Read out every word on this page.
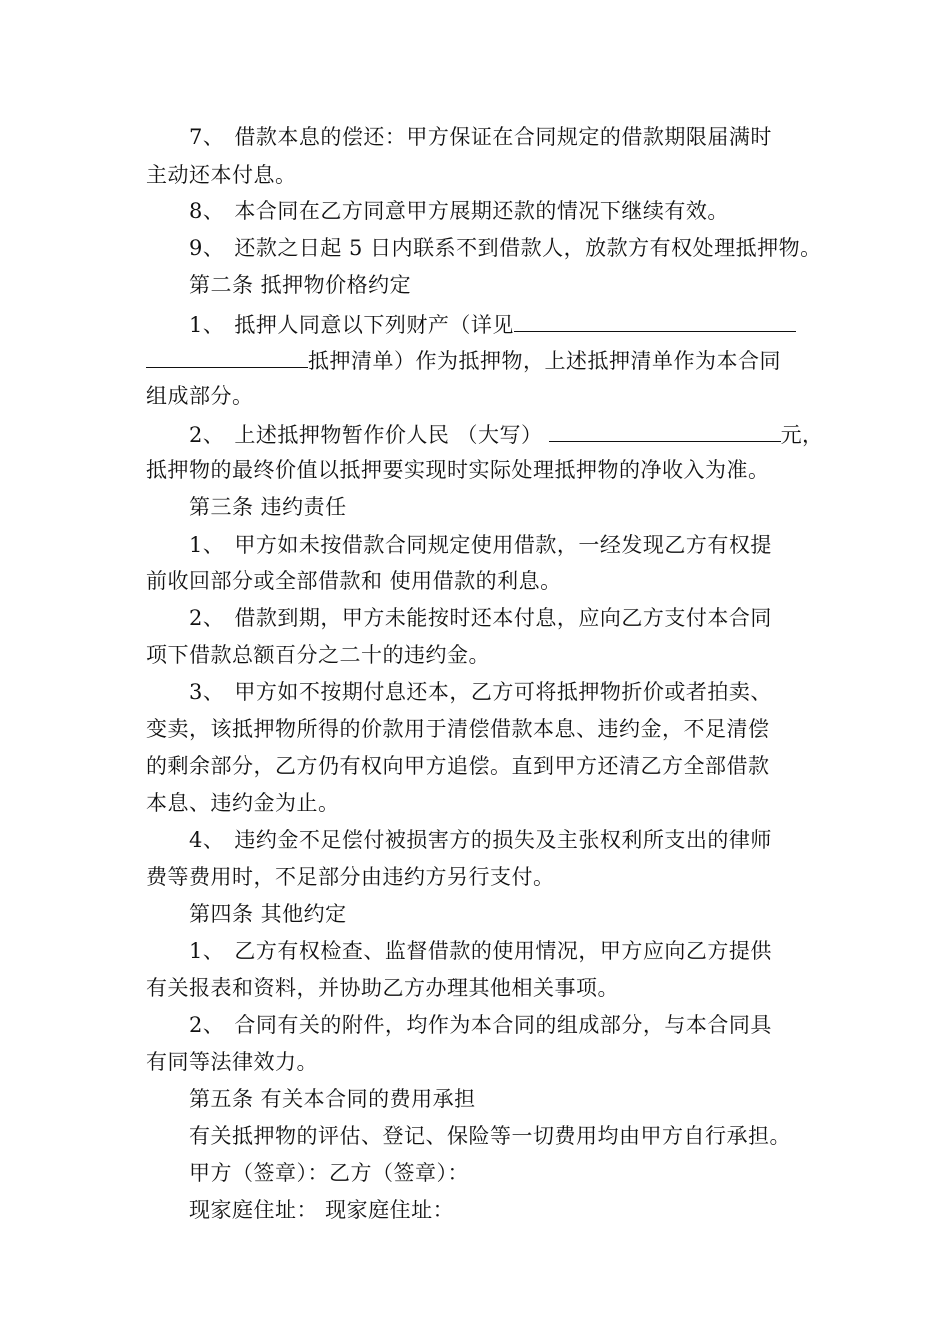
7、 借款本息的偿还：甲方保证在合同规定的借款期限届满时
主动还本付息。
8、 本合同在乙方同意甲方展期还款的情况下继续有效。
9、 还款之日起 5 日内联系不到借款人，放款方有权处理抵押物。
第二条 抵押物价格约定
1、 抵押人同意以下列财产（详见
抵押清单）作为抵押物，上述抵押清单作为本合同
组成部分。
2、 上述抵押物暂作价人民 （大写）	元，
抵押物的最终价值以抵押要实现时实际处理抵押物的净收入为准。
第三条 违约责任
1、 甲方如未按借款合同规定使用借款，一经发现乙方有权提
前收回部分或全部借款和 使用借款的利息。
2、 借款到期，甲方未能按时还本付息，应向乙方支付本合同
项下借款总额百分之二十的违约金。
3、 甲方如不按期付息还本，乙方可将抵押物折价或者拍卖、
变卖，该抵押物所得的价款用于清偿借款本息、违约金，不足清偿
的剩余部分，乙方仍有权向甲方追偿。直到甲方还清乙方全部借款
本息、违约金为止。
4、 违约金不足偿付被损害方的损失及主张权利所支出的律师
费等费用时，不足部分由违约方另行支付。
第四条 其他约定
1、 乙方有权检查、监督借款的使用情况，甲方应向乙方提供
有关报表和资料，并协助乙方办理其他相关事项。
2、 合同有关的附件，均作为本合同的组成部分，与本合同具
有同等法律效力。
第五条 有关本合同的费用承担
有关抵押物的评估、登记、保险等一切费用均由甲方自行承担。
甲方（签章）：乙方（签章）：
现家庭住址： 现家庭住址：
